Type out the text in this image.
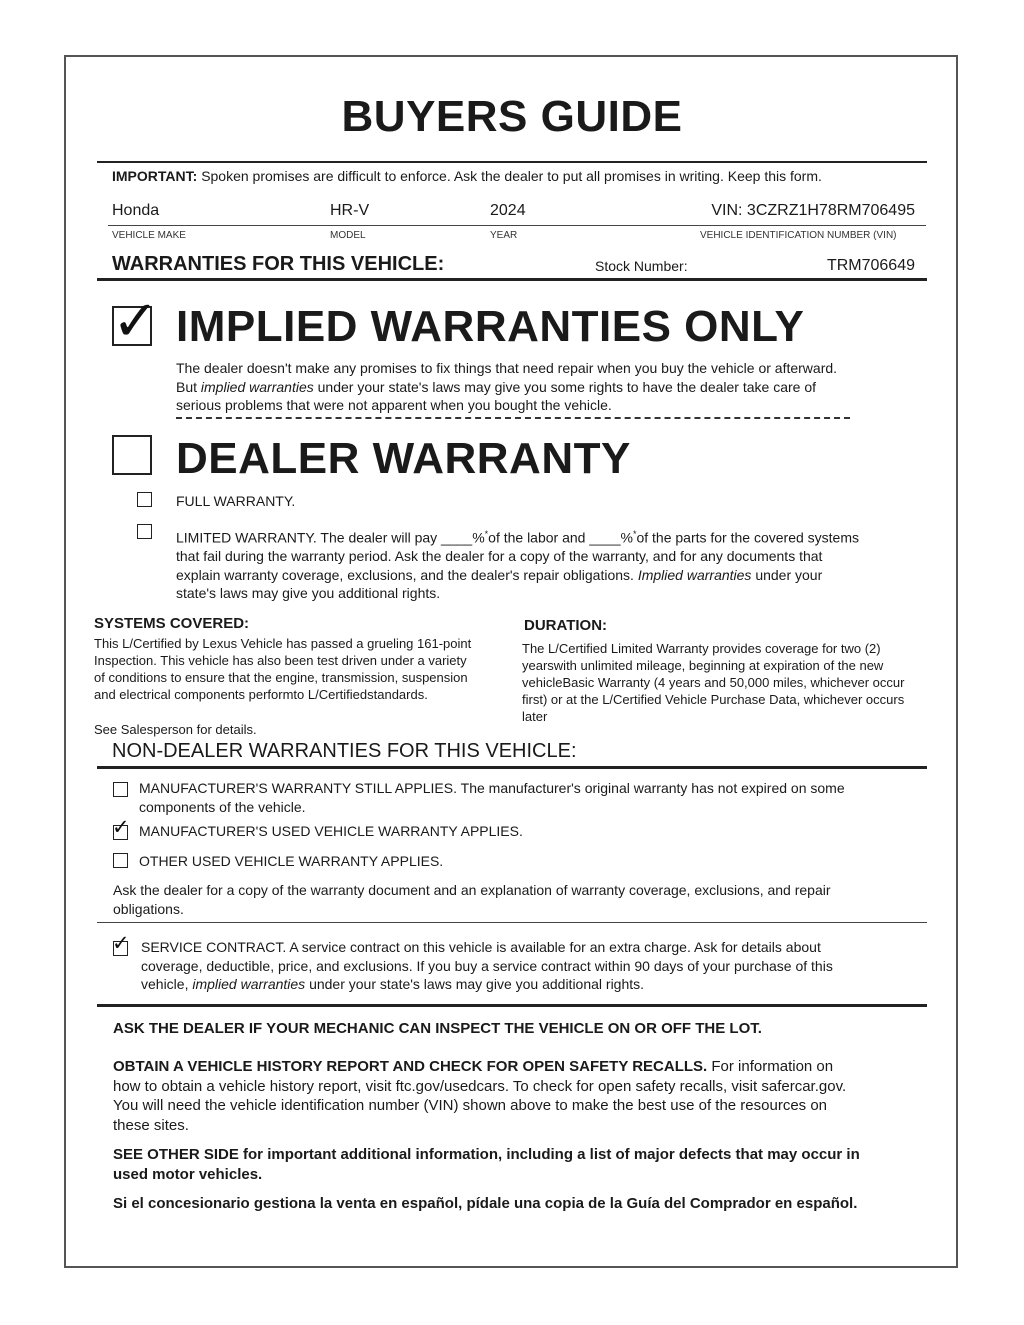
BUYERS GUIDE
IMPORTANT: Spoken promises are difficult to enforce. Ask the dealer to put all promises in writing. Keep this form.
Honda	HR-V	2024	VIN: 3CZRZ1H78RM706495
VEHICLE MAKE	MODEL	YEAR	VEHICLE IDENTIFICATION NUMBER (VIN)
WARRANTIES FOR THIS VEHICLE:	Stock Number:	TRM706649
✓ IMPLIED WARRANTIES ONLY
The dealer doesn't make any promises to fix things that need repair when you buy the vehicle or afterward.
But implied warranties under your state's laws may give you some rights to have the dealer take care of
serious problems that were not apparent when you bought the vehicle.
DEALER WARRANTY
FULL WARRANTY.
LIMITED WARRANTY. The dealer will pay ____%*of the labor and ____%*of the parts for the covered systems
that fail during the warranty period. Ask the dealer for a copy of the warranty, and for any documents that
explain warranty coverage, exclusions, and the dealer's repair obligations. Implied warranties under your
state's laws may give you additional rights.
SYSTEMS COVERED:
This L/Certified by Lexus Vehicle has passed a grueling 161-point
Inspection. This vehicle has also been test driven under a variety
of conditions to ensure that the engine, transmission, suspension
and electrical components performto L/Certifiedstandards.
See Salesperson for details.
DURATION:
The L/Certified Limited Warranty provides coverage for two (2)
yearswith unlimited mileage, beginning at expiration of the new
vehicleBasic Warranty (4 years and 50,000 miles, whichever occur
first) or at the L/Certified Vehicle Purchase Data, whichever occurs
later
NON-DEALER WARRANTIES FOR THIS VEHICLE:
MANUFACTURER'S WARRANTY STILL APPLIES. The manufacturer's original warranty has not expired on some
components of the vehicle.
✓ MANUFACTURER'S USED VEHICLE WARRANTY APPLIES.
OTHER USED VEHICLE WARRANTY APPLIES.
Ask the dealer for a copy of the warranty document and an explanation of warranty coverage, exclusions, and repair
obligations.
✓ SERVICE CONTRACT. A service contract on this vehicle is available for an extra charge. Ask for details about
coverage, deductible, price, and exclusions. If you buy a service contract within 90 days of your purchase of this
vehicle, implied warranties under your state's laws may give you additional rights.
ASK THE DEALER IF YOUR MECHANIC CAN INSPECT THE VEHICLE ON OR OFF THE LOT.
OBTAIN A VEHICLE HISTORY REPORT AND CHECK FOR OPEN SAFETY RECALLS. For information on
how to obtain a vehicle history report, visit ftc.gov/usedcars. To check for open safety recalls, visit safercar.gov.
You will need the vehicle identification number (VIN) shown above to make the best use of the resources on
these sites.
SEE OTHER SIDE for important additional information, including a list of major defects that may occur in
used motor vehicles.
Si el concesionario gestiona la venta en español, pídale una copia de la Guía del Comprador en español.
